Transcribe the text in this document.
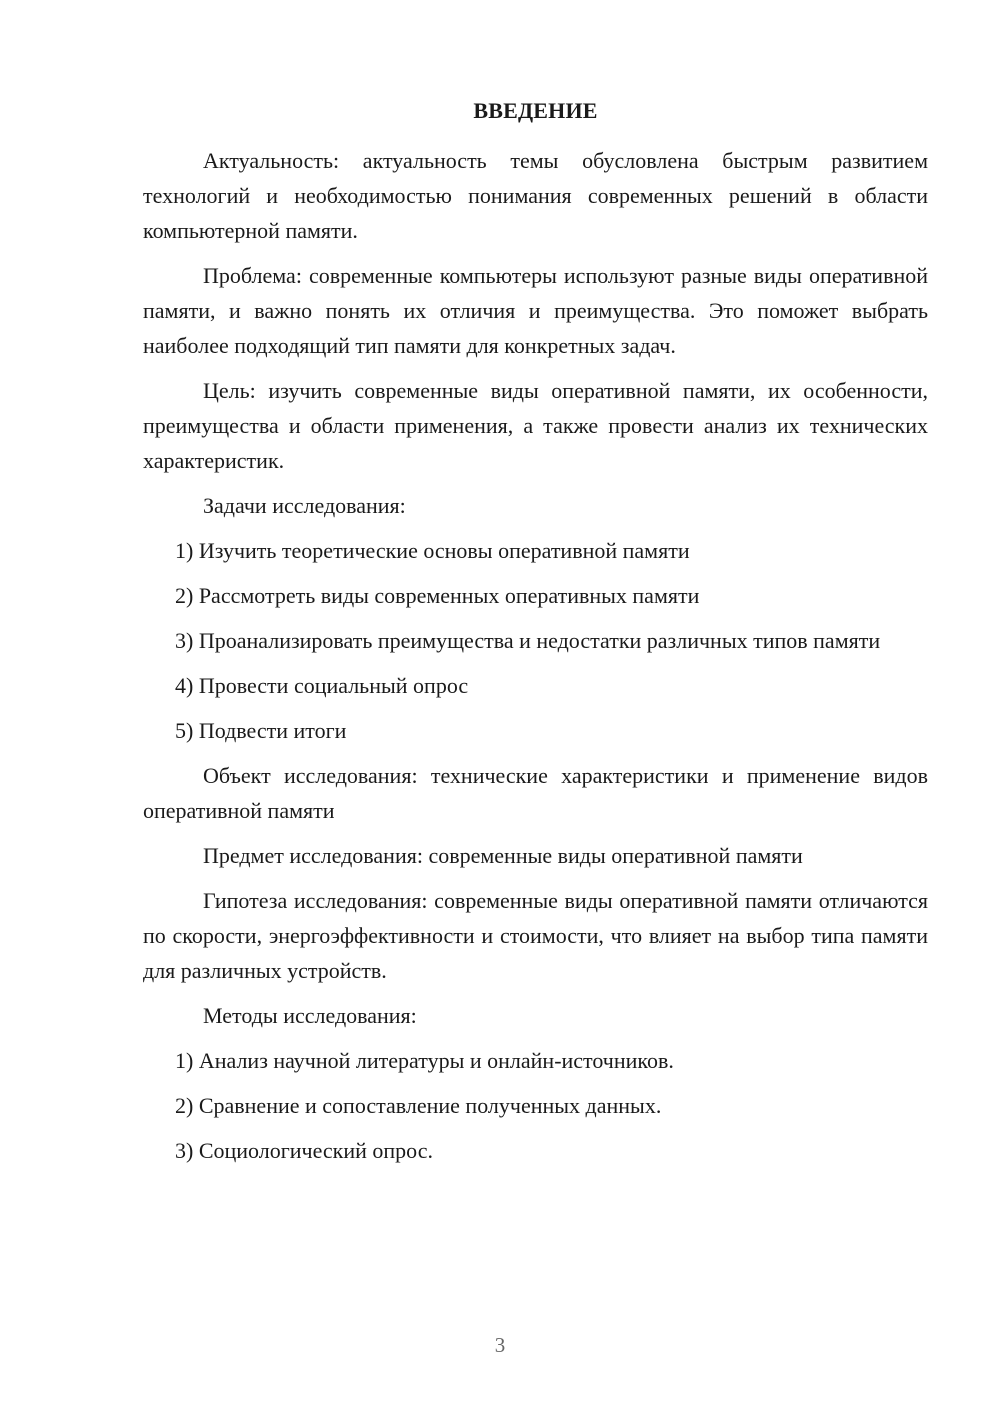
ВВЕДЕНИЕ

Актуальность: актуальность темы обусловлена быстрым развитием технологий и необходимостью понимания современных решений в области компьютерной памяти.

Проблема: современные компьютеры используют разные виды оперативной памяти, и важно понять их отличия и преимущества. Это поможет выбрать наиболее подходящий тип памяти для конкретных задач.

Цель: изучить современные виды оперативной памяти, их особенности, преимущества и области применения, а также провести анализ их технических характеристик.

Задачи исследования:

1) Изучить теоретические основы оперативной памяти

2) Рассмотреть виды современных оперативных памяти

3) Проанализировать преимущества и недостатки различных типов памяти

4) Провести социальный опрос

5) Подвести итоги

Объект исследования: технические характеристики и применение видов оперативной памяти

Предмет исследования: современные виды оперативной памяти

Гипотеза исследования: современные виды оперативной памяти отличаются по скорости, энергоэффективности и стоимости, что влияет на выбор типа памяти для различных устройств.

Методы исследования:

1) Анализ научной литературы и онлайн-источников.

2) Сравнение и сопоставление полученных данных.

3) Социологический опрос.

3
